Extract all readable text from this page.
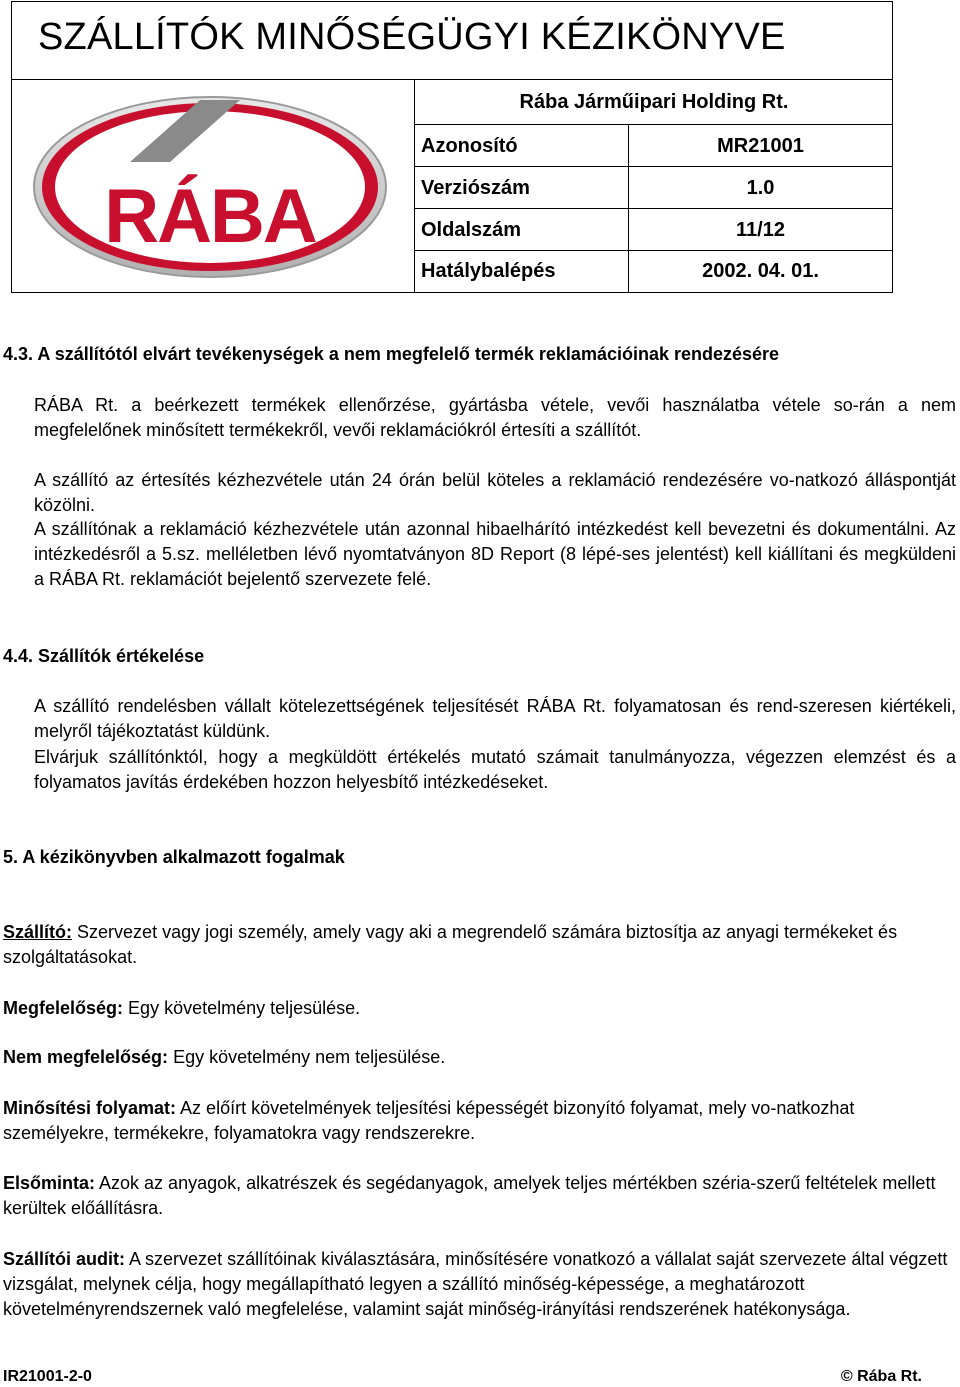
SZÁLLÍTÓK MINŐSÉGÜGYI KÉZIKÖNYVE
RÁBA
Rába Járműipari Holding Rt.
Azonosító	MR21001
Verziószám	1.0
Oldalszám	11/12
Hatálybalépés	2002. 04. 01.
4.3. A szállítótól elvárt tevékenységek a nem megfelelő termék reklamációinak rendezésére
RÁBA Rt. a beérkezett termékek ellenőrzése, gyártásba vétele, vevői használatba vétele so-rán a nem megfelelőnek minősített termékekről, vevői reklamációkról értesíti a szállítót.
A szállító az értesítés kézhezvétele után 24 órán belül köteles a reklamáció rendezésére vo-natkozó álláspontját közölni.
A szállítónak a reklamáció kézhezvétele után azonnal hibaelhárító intézkedést kell bevezetni és dokumentálni. Az intézkedésről a 5.sz. melléletben lévő nyomtatványon 8D Report (8 lépé-ses jelentést) kell kiállítani és megküldeni a RÁBA Rt. reklamációt bejelentő szervezete felé.
4.4. Szállítók értékelése
A szállító rendelésben vállalt kötelezettségének teljesítését RÁBA Rt. folyamatosan és rend-szeresen kiértékeli, melyről tájékoztatást küldünk.
Elvárjuk szállítónktól, hogy a megküldött értékelés mutató számait tanulmányozza, végezzen elemzést és a folyamatos javítás érdekében hozzon helyesbítő intézkedéseket.
5. A kézikönyvben alkalmazott fogalmak
Szállító: Szervezet vagy jogi személy, amely vagy aki a megrendelő számára biztosítja az anyagi termékeket és szolgáltatásokat.
Megfelelőség: Egy követelmény teljesülése.
Nem megfelelőség: Egy követelmény nem teljesülése.
Minősítési folyamat: Az előírt követelmények teljesítési képességét bizonyító folyamat, mely vo-natkozhat személyekre, termékekre, folyamatokra vagy rendszerekre.
Elsőminta: Azok az anyagok, alkatrészek és segédanyagok, amelyek teljes mértékben széria-szerű feltételek mellett kerültek előállításra.
Szállítói audit: A szervezet szállítóinak kiválasztására, minősítésére vonatkozó a vállalat saját szervezete által végzett vizsgálat, melynek célja, hogy megállapítható legyen a szállító minőség-képessége, a meghatározott követelményrendszernek való megfelelése, valamint saját minőség-irányítási rendszerének hatékonysága.
IR21001-2-0	© Rába Rt.
